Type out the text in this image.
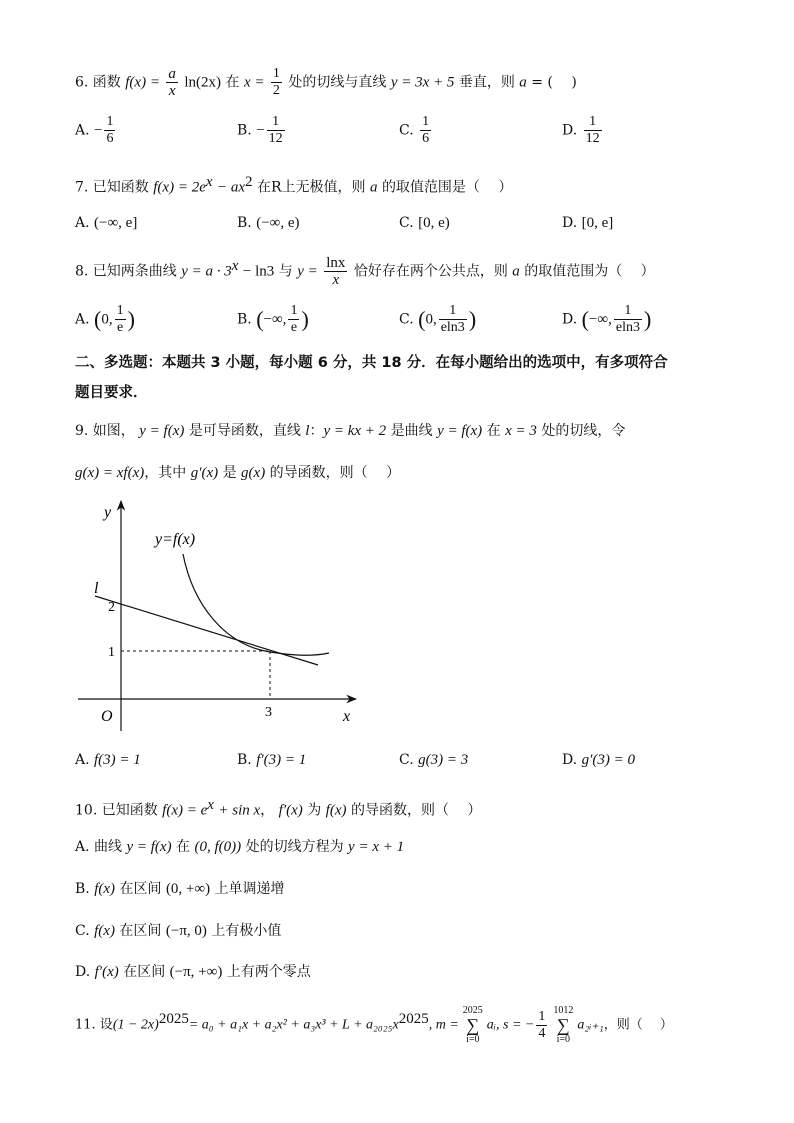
6. 函数 $f(x) = \frac{a}{x} \ln(2x)$ 在 $x = \frac{1}{2}$ 处的切线与直线 y = 3x + 5 垂直，则 a = (　 )
A. − $\frac{1}{6}$	B. − $\frac{1}{12}$	C. $\frac{1}{6}$	D. $\frac{1}{12}$
7. 已知函数 $f(x) = 2e^x - ax^2$ 在R上无极值，则 a 的取值范围是（　 ）
A. (−∞, e]	B. (−∞, e)	C. [0, e)	D. [0, e]
8. 已知两条曲线 $y = a \cdot 3^x - \ln 3$ 与 $y = \frac{\ln x}{x}$ 恰好存在两个公共点，则 a 的取值范围为（　 ）
A. (0, $\frac{1}{e}$ )	B. (−∞, $\frac{1}{e}$ )	C. (0, $\frac{1}{eln3}$ )	D. (−∞, $\frac{1}{eln3}$ )
二、多选题：本题共 3 小题，每小题 6 分，共 18 分．在每小题给出的选项中，有多项符合
题目要求．
9. 如图， y = f(x) 是可导函数，直线 l：y = kx + 2 是曲线 y = f(x) 在 x = 3 处的切线，令
g(x) = xf(x)，其中 g′(x) 是 g(x) 的导函数，则（　 ）
y
x
O
l
y=f(x)
2
1
3
A. f(3) = 1	B. f′(3) = 1	C. g(3) = 3	D. g′(3) = 0
10. 已知函数 $f(x) = e^x + \sin x$， f′(x) 为 f(x) 的导函数，则（　 ）
A. 曲线 y = f(x) 在 (0, f(0)) 处的切线方程为 y = x + 1
B. f(x) 在区间 (0, +∞) 上单调递增
C. f(x) 在区间 (−π, 0) 上有极小值
D. f′(x) 在区间 (−π, +∞) 上有两个零点
11. 设$(1 - 2x)^{2025}= a_0 + a_1x + a_2x^2 + a_3x^3 + L + a_{2025}x^{2025}$, m =
2025
∑
i=0
aᵢ, s = − $\frac{1}{4} 1012$
∑
i=0
a₂ᵢ₊₁，则（　 ）
